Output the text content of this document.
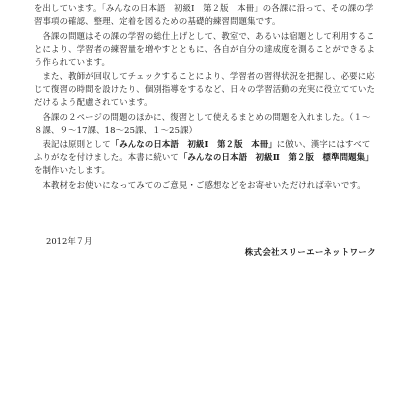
を出しています。「みんなの日本語　初級Ⅰ　第２版　本冊」の各課に沿って、その課の学習事項の確認、整理、定着を図るための基礎的練習問題集です。

　各課の問題はその課の学習の総仕上げとして、教室で、あるいは宿題として利用することにより、学習者の練習量を増やすとともに、各自が自分の達成度を測ることができるよう作られています。

　また、教師が回収してチェックすることにより、学習者の習得状況を把握し、必要に応じて復習の時間を設けたり、個別指導をするなど、日々の学習活動の充実に役立てていただけるよう配慮されています。

　各課の２ページの問題のほかに、復習として使えるまとめの問題を入れました。（１～８課、９～17課、18～25課、１～25課）

　表記は原則として「みんなの日本語　初級Ⅰ　第２版　本冊」に倣い、漢字にはすべてふりがなを付けました。本書に続いて「みんなの日本語　初級Ⅱ　第２版　標準問題集」を制作いたします。

　本教材をお使いになってみてのご意見・ご感想などをお寄せいただければ幸いです。

2012年７月
株式会社スリーエーネットワーク
